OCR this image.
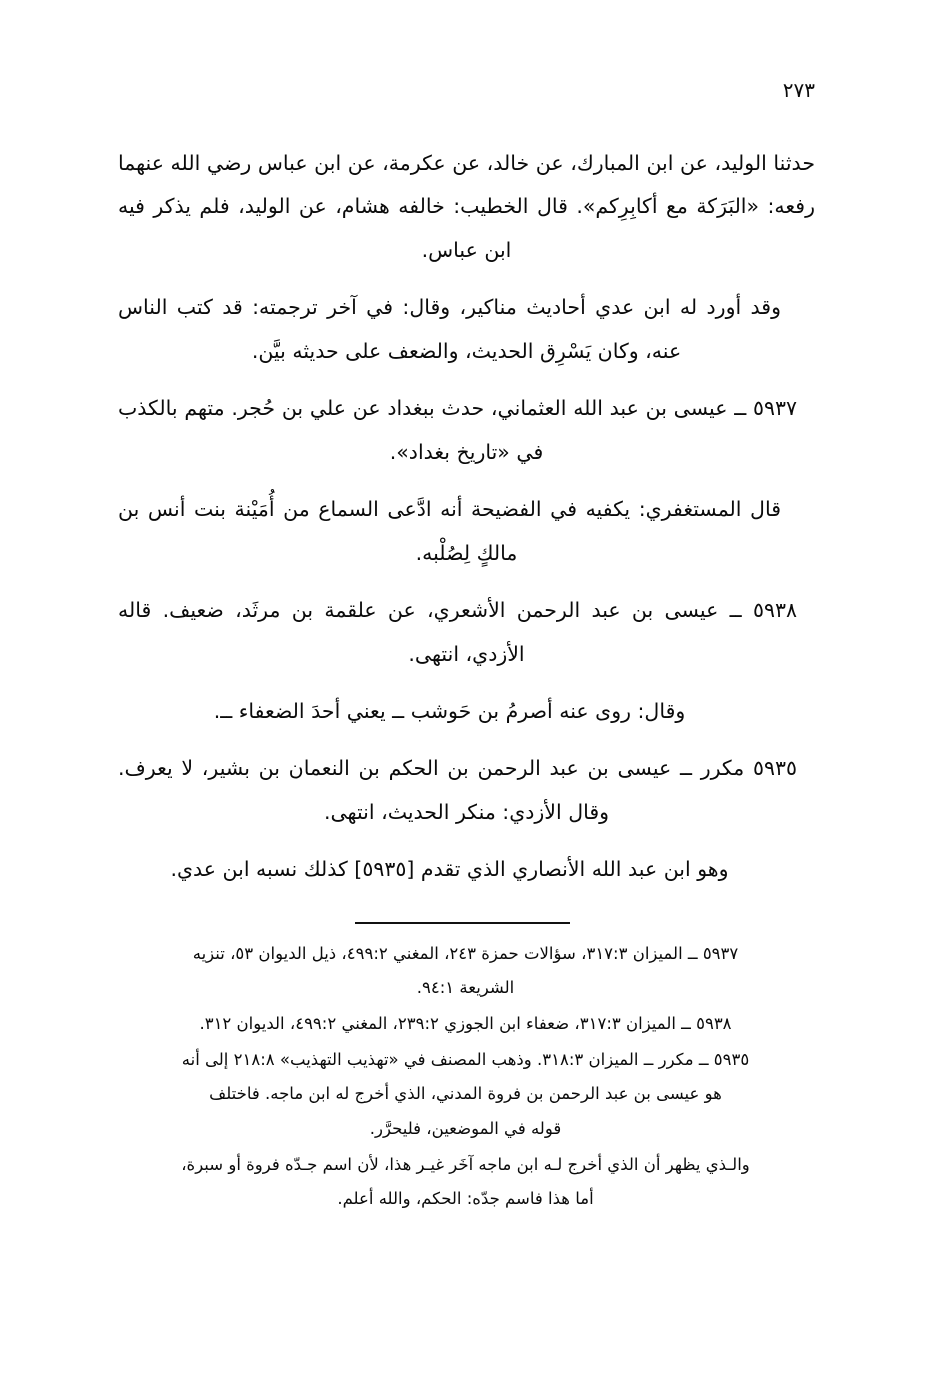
٢٧٣

حدثنا الوليد، عن ابن المبارك، عن خالد، عن عكرمة، عن ابن عباس رضي الله عنهما رفعه: «البَرَكة مع أكابِرِكم». قال الخطيب: خالفه هشام، عن الوليد، فلم يذكر فيه ابن عباس.

وقد أورد له ابن عدي أحاديث مناكير، وقال: في آخر ترجمته: قد كتب الناس عنه، وكان يَسْرِق الحديث، والضعف على حديثه بيَّن.

٥٩٣٧ ــ عيسى بن عبد الله العثماني، حدث ببغداد عن علي بن حُجر. متهم بالكذب في «تاريخ بغداد».

قال المستغفري: يكفيه في الفضيحة أنه ادَّعى السماع من أُمَيْنة بنت أنس بن مالكٍ لِصُلْبه.

٥٩٣٨ ــ عيسى بن عبد الرحمن الأشعري، عن علقمة بن مرثَد، ضعيف. قاله الأزدي، انتهى.

وقال: روى عنه أصرمُ بن حَوشب ــ يعني أحدَ الضعفاء ــ.

٥٩٣٥ مكرر ــ عيسى بن عبد الرحمن بن الحكم بن النعمان بن بشير، لا يعرف. وقال الأزدي: منكر الحديث، انتهى.

وهو ابن عبد الله الأنصاري الذي تقدم [٥٩٣٥] كذلك نسبه ابن عدي.

٥٩٣٧ ــ الميزان ٣١٧:٣، سؤالات حمزة ٢٤٣، المغني ٤٩٩:٢، ذيل الديوان ٥٣، تنزيه

الشريعة ٩٤:١.

٥٩٣٨ ــ الميزان ٣١٧:٣، ضعفاء ابن الجوزي ٢٣٩:٢، المغني ٤٩٩:٢، الديوان ٣١٢.

٥٩٣٥ ــ مكرر ــ الميزان ٣١٨:٣. وذهب المصنف في «تهذيب التهذيب» ٢١٨:٨ إلى أنه

هو عيسى بن عبد الرحمن بن فروة المدني، الذي أخرج له ابن ماجه. فاختلف

قوله في الموضعين، فليحرَّر.

والـذي يظهر أن الذي أخرج لـه ابن ماجه آخَر غيـر هذا، لأن اسم جـدّه فروة أو سبرة،

أما هذا فاسم جدّه: الحكم، والله أعلم.
